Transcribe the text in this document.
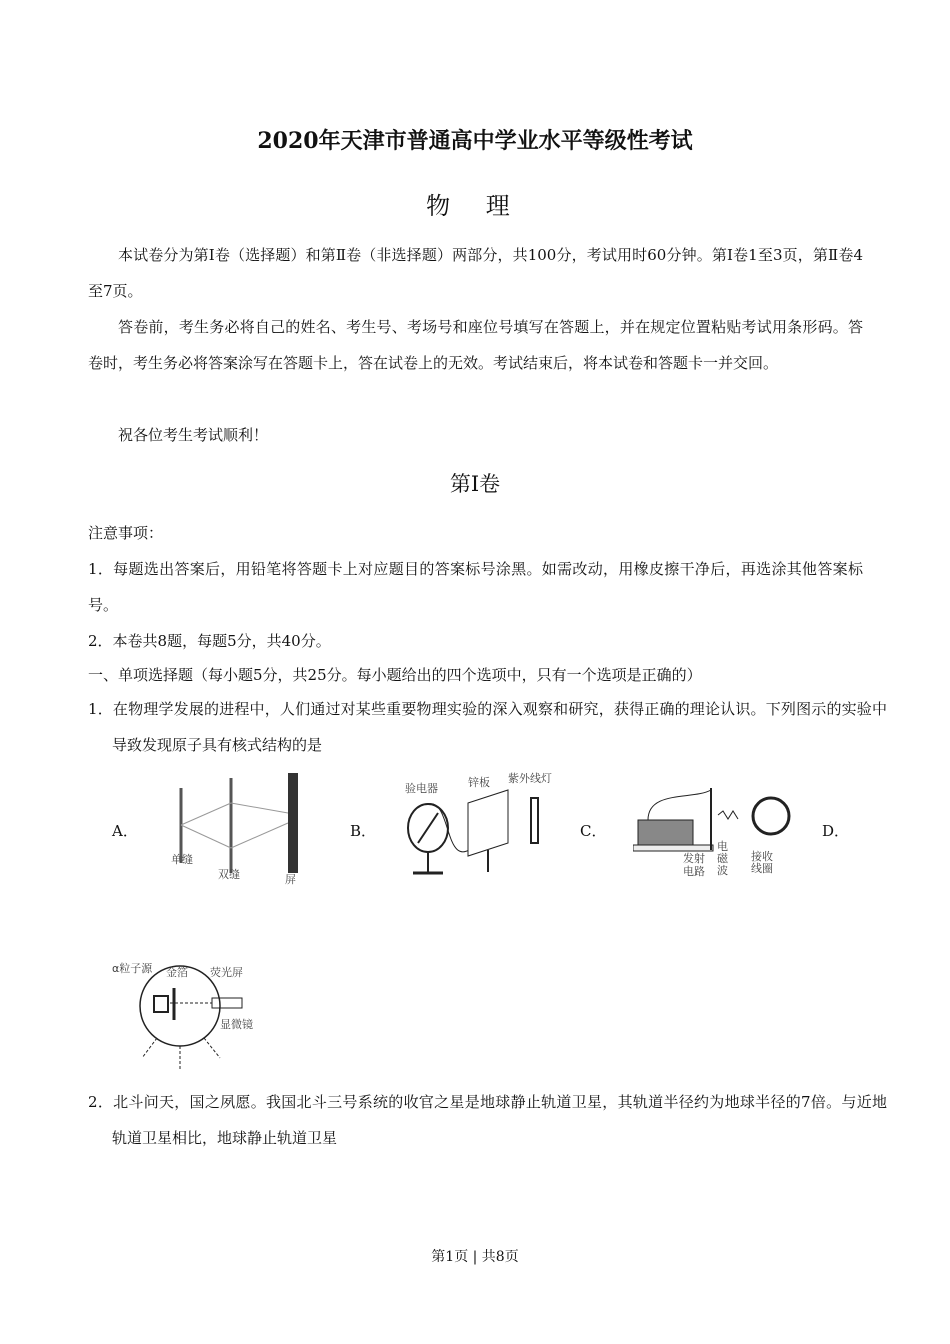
2020年天津市普通高中学业水平等级性考试
物 理
本试卷分为第Ⅰ卷（选择题）和第Ⅱ卷（非选择题）两部分，共100分，考试用时60分钟。第Ⅰ卷1至3页，第Ⅱ卷4至7页。
答卷前，考生务必将自己的姓名、考生号、考场号和座位号填写在答题上，并在规定位置粘贴考试用条形码。答卷时，考生务必将答案涂写在答题卡上，答在试卷上的无效。考试结束后，将本试卷和答题卡一并交回。
祝各位考生考试顺利！
第Ⅰ卷
注意事项：
1．每题选出答案后，用铅笔将答题卡上对应题目的答案标号涂黑。如需改动，用橡皮擦干净后，再选涂其他答案标号。
2．本卷共8题，每题5分，共40分。
一、单项选择题（每小题5分，共25分。每小题给出的四个选项中，只有一个选项是正确的）
1．在物理学发展的进程中，人们通过对某些重要物理实验的深入观察和研究，获得正确的理论认识。下列图示的实验中导致发现原子具有核式结构的是
A．
单缝
双缝	屏
B．
验电器	锌板 紫外线灯
C．
发射
电路
电
磁
波
接收
线圈
D．
α粒子源 金箔 荧光屏
显微镜
2．北斗问天，国之夙愿。我国北斗三号系统的收官之星是地球静止轨道卫星，其轨道半径约为地球半径的7倍。与近地轨道卫星相比，地球静止轨道卫星
第1页 | 共8页
